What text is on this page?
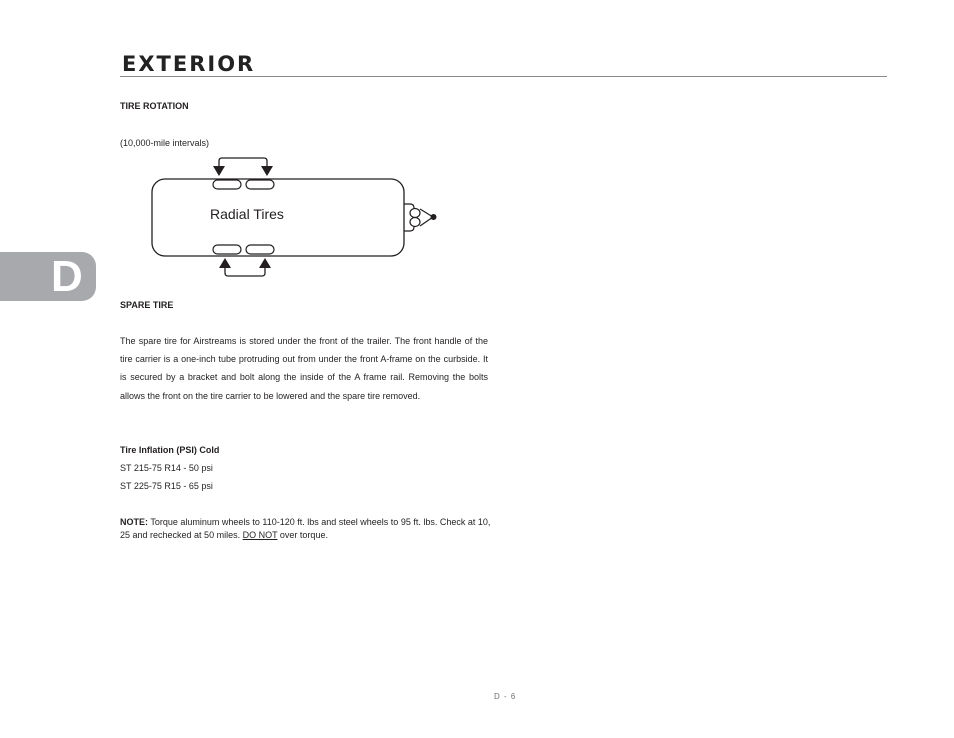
EXTERIOR
D
TIRE ROTATION
(10,000-mile intervals)
Radial Tires
SPARE TIRE
The spare tire for Airstreams is stored under the front of the trailer. The front handle of the tire carrier is a one-inch tube protruding out from under the front A-frame on the curbside. It is secured by a bracket and bolt along the inside of the A frame rail. Removing the bolts allows the front on the tire carrier to be lowered and the spare tire removed.
Tire Inflation (PSI) Cold
ST 215-75 R14 - 50 psi
ST 225-75 R15 - 65 psi
NOTE: Torque aluminum wheels to 110-120 ft. lbs and steel wheels to 95 ft. lbs. Check at 10, 25 and rechecked at 50 miles. DO NOT over torque.
D - 6
